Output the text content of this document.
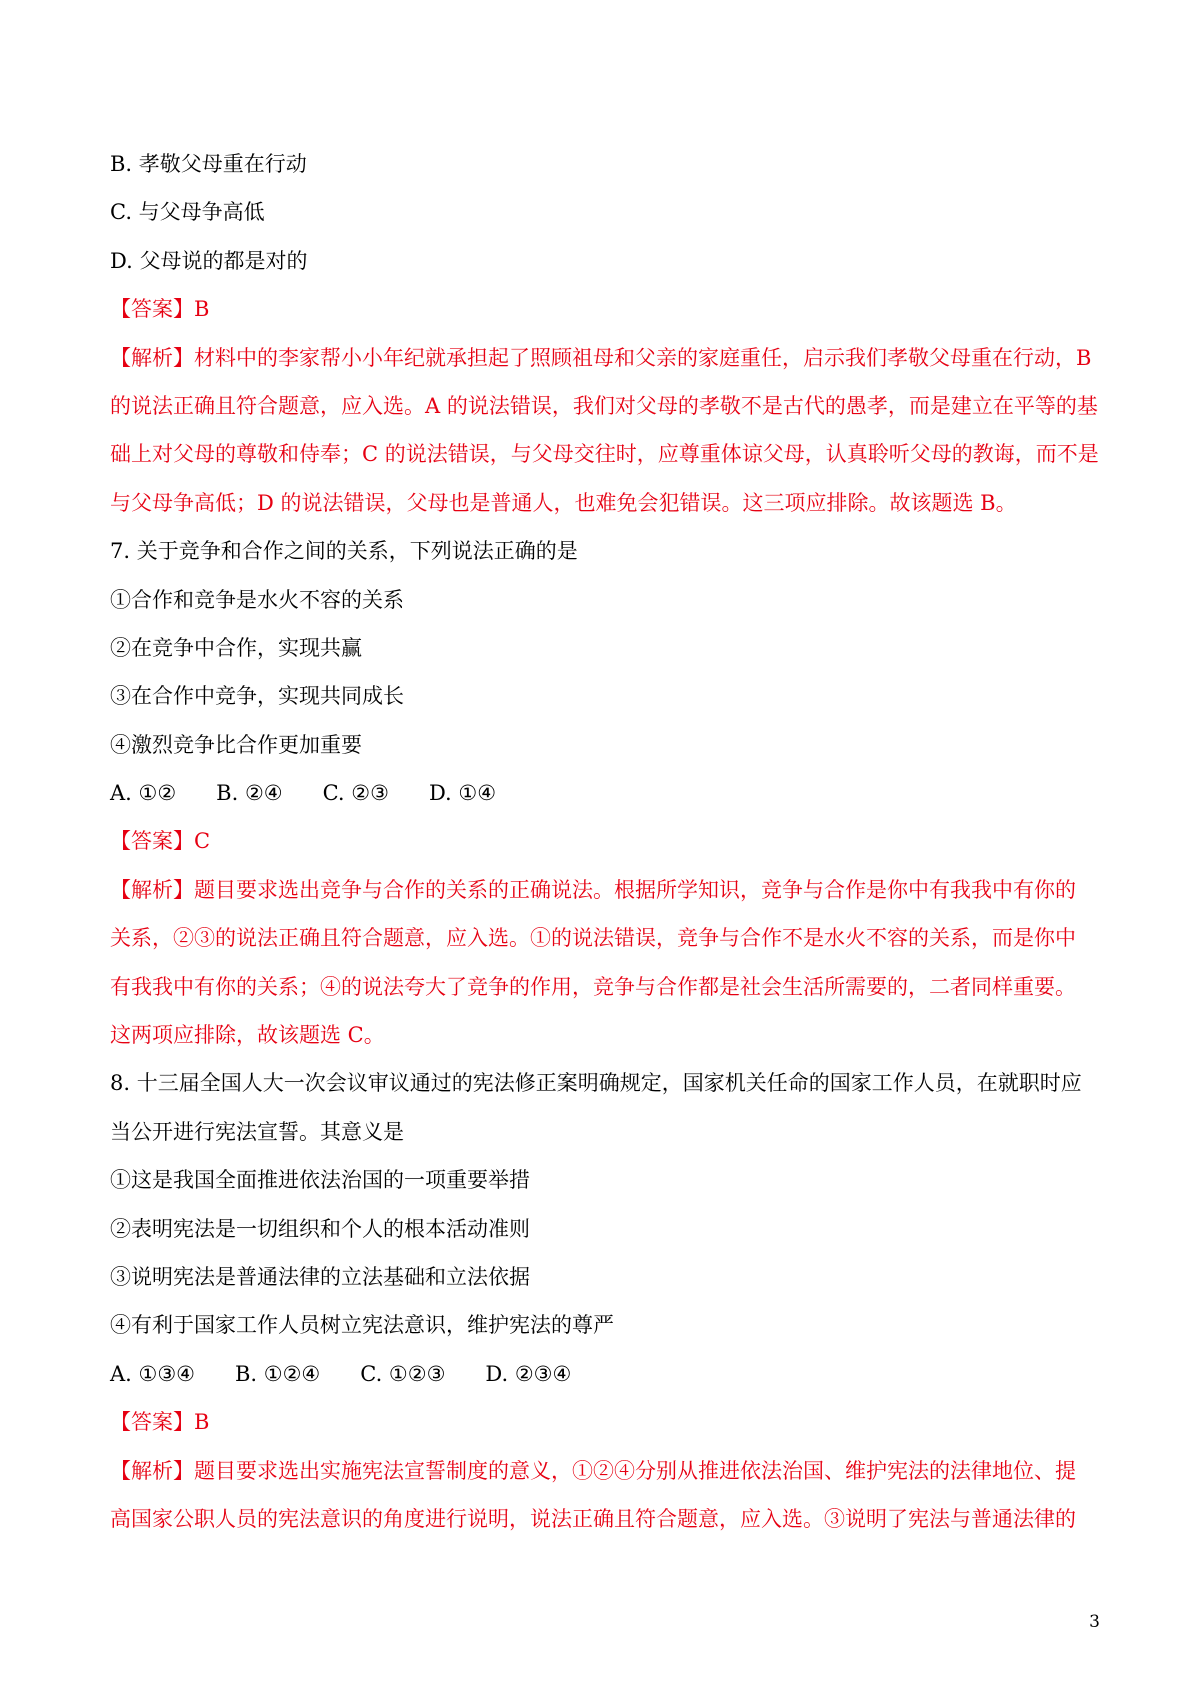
B. 孝敬父母重在行动
C. 与父母争高低
D. 父母说的都是对的
【答案】B
【解析】材料中的李家帮小小年纪就承担起了照顾祖母和父亲的家庭重任，启示我们孝敬父母重在行动，B
的说法正确且符合题意，应入选。A 的说法错误，我们对父母的孝敬不是古代的愚孝，而是建立在平等的基
础上对父母的尊敬和侍奉；C 的说法错误，与父母交往时，应尊重体谅父母，认真聆听父母的教诲，而不是
与父母争高低；D 的说法错误，父母也是普通人，也难免会犯错误。这三项应排除。故该题选 B。
7. 关于竞争和合作之间的关系，下列说法正确的是
①合作和竞争是水火不容的关系
②在竞争中合作，实现共赢
③在合作中竞争，实现共同成长
④激烈竞争比合作更加重要
A. ①② B. ②④ C. ②③ D. ①④
【答案】C
【解析】题目要求选出竞争与合作的关系的正确说法。根据所学知识，竞争与合作是你中有我我中有你的
关系，②③的说法正确且符合题意，应入选。①的说法错误，竞争与合作不是水火不容的关系，而是你中
有我我中有你的关系；④的说法夸大了竞争的作用，竞争与合作都是社会生活所需要的，二者同样重要。
这两项应排除，故该题选 C。
8. 十三届全国人大一次会议审议通过的宪法修正案明确规定，国家机关任命的国家工作人员，在就职时应
当公开进行宪法宣誓。其意义是
①这是我国全面推进依法治国的一项重要举措
②表明宪法是一切组织和个人的根本活动准则
③说明宪法是普通法律的立法基础和立法依据
④有利于国家工作人员树立宪法意识，维护宪法的尊严
A. ①③④ B. ①②④ C. ①②③ D. ②③④
【答案】B
【解析】题目要求选出实施宪法宣誓制度的意义，①②④分别从推进依法治国、维护宪法的法律地位、提
高国家公职人员的宪法意识的角度进行说明，说法正确且符合题意，应入选。③说明了宪法与普通法律的
3
